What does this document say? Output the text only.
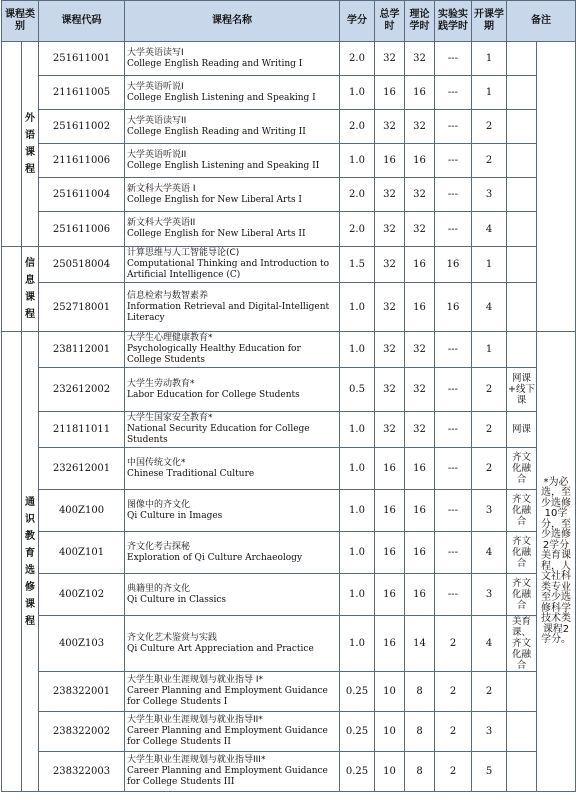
课程类别		课程代码	课程名称	学分	总学时	理论学时	实验实践学时	开课学期	备注	
	外语课程	251611001	大学英语读写I
College English Reading and Writing I	2.0	32	32	---	1		
		211611005	大学英语听说I
College English Listening and Speaking I	1.0	16	16	---	1		
		251611002	大学英语读写II
College English Reading and Writing II	2.0	32	32	---	2		
		211611006	大学英语听说II
College English Listening and Speaking II	1.0	16	16	---	2		
		251611004	新文科大学英语 I
College English for New Liberal Arts I	2.0	32	32	---	3		
		251611006	新文科大学英语II
College English for New Liberal Arts II	2.0	32	32	---	4		
	信息课程	250518004	计算思维与人工智能导论(C)
Computational Thinking and Introduction to Artificial Intelligence (C)	1.5	32	16	16	1		
		252718001	信息检索与数智素养
Information Retrieval and Digital-Intelligent Literacy	1.0	32	16	16	4		
	通识教育选修课程	238112001	大学生心理健康教育*
Psychologically Healthy Education for College Students	1.0	32	32	---	1		*为必选，至少选修10学分，至少选修2学分美育课程，人文社科类专业至少选修科学技术类课程2学分。
		232612002	大学生劳动教育*
Labor Education for College Students	0.5	32	32	---	2	网课+线下课	
		211811011	大学生国家安全教育*
National Security Education for College Students	1.0	32	32	---	2	网课	
		232612001	中国传统文化*
Chinese Traditional Culture	1.0	16	16	---	2	齐文化融合	
		400Z100	图像中的齐文化
Qi Culture in Images	1.0	16	16	---	3	齐文化融合	
		400Z101	齐文化考古探秘
Exploration of Qi Culture Archaeology	1.0	16	16	---	4	齐文化融合	
		400Z102	典籍里的齐文化
Qi Culture in Classics	1.0	16	16	---	3	齐文化融合	
		400Z103	齐文化艺术鉴赏与实践
Qi Culture Art Appreciation and Practice	1.0	16	14	2	4	美育课、齐文化融合	
		238322001	大学生职业生涯规划与就业指导 I*
Career Planning and Employment Guidance for College Students I	0.25	10	8	2	2		
		238322002	大学生职业生涯规划与就业指导II*
Career Planning and Employment Guidance for College Students II	0.25	10	8	2	3		
		238322003	大学生职业生涯规划与就业指导III*
Career Planning and Employment Guidance for College Students III	0.25	10	8	2	5		
